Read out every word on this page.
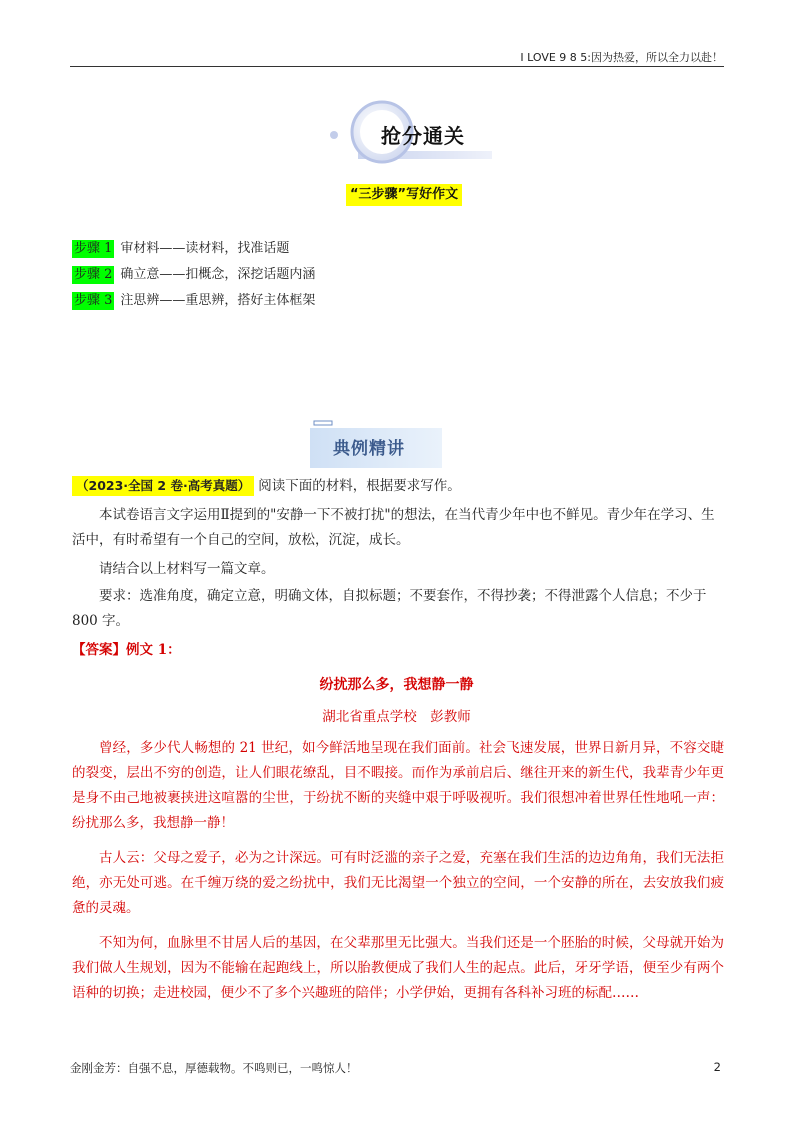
I LOVE 9 8 5:因为热爱，所以全力以赴！
抢分通关
“三步骤”写好作文
步骤 1 审材料——读材料，找准话题
步骤 2 确立意——扣概念，深挖话题内涵
步骤 3 注思辨——重思辨，搭好主体框架
典例精讲
（2023·全国 2 卷·高考真题） 阅读下面的材料，根据要求写作。
本试卷语言文字运用Ⅱ提到的"安静一下不被打扰"的想法，在当代青少年中也不鲜见。青少年在学习、生活中，有时希望有一个自己的空间，放松，沉淀，成长。
请结合以上材料写一篇文章。
要求：选准角度，确定立意，明确文体，自拟标题；不要套作，不得抄袭；不得泄露个人信息；不少于 800 字。
【答案】例文 1：
纷扰那么多，我想静一静
湖北省重点学校　彭教师

曾经，多少代人畅想的 21 世纪，如今鲜活地呈现在我们面前。社会飞速发展，世界日新月异，不容交睫的裂变，层出不穷的创造，让人们眼花缭乱，目不暇接。而作为承前启后、继往开来的新生代，我辈青少年更是身不由己地被裹挟进这喧嚣的尘世，于纷扰不断的夹缝中艰于呼吸视听。我们很想冲着世界任性地吼一声：纷扰那么多，我想静一静！

古人云：父母之爱子，必为之计深远。可有时泛滥的亲子之爱，充塞在我们生活的边边角角，我们无法拒绝，亦无处可逃。在千缠万绕的爱之纷扰中，我们无比渴望一个独立的空间，一个安静的所在，去安放我们疲惫的灵魂。

不知为何，血脉里不甘居人后的基因，在父辈那里无比强大。当我们还是一个胚胎的时候，父母就开始为我们做人生规划，因为不能输在起跑线上，所以胎教便成了我们人生的起点。此后，牙牙学语，便至少有两个语种的切换；走进校园，便少不了多个兴趣班的陪伴；小学伊始，更拥有各科补习班的标配……

金刚金芳：自强不息，厚德载物。不鸣则已，一鸣惊人！	2
